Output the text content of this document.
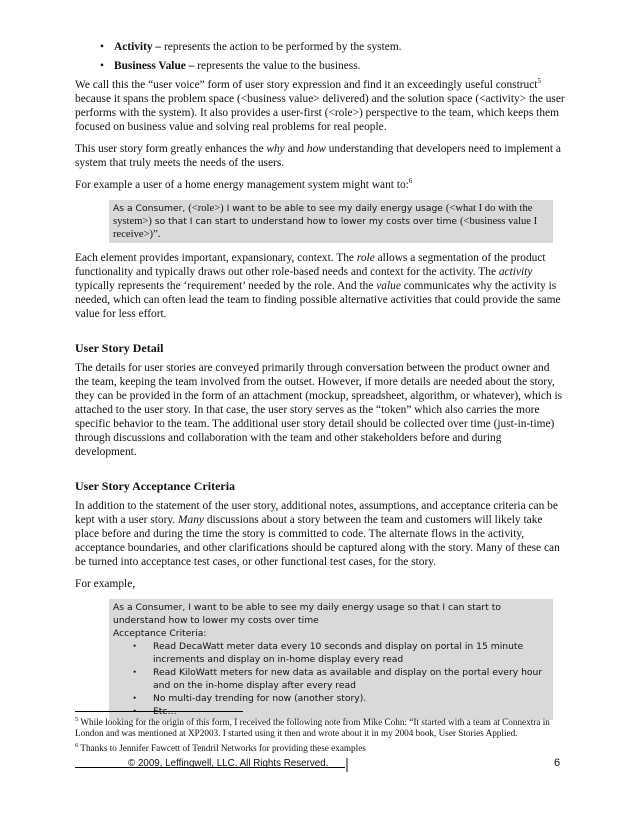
• Activity – represents the action to be performed by the system.
• Business Value – represents the value to the business.

We call this the “user voice” form of user story expression and find it an exceedingly useful construct$^5$ because it spans the problem space (<business value> delivered) and the solution space (<activity> the user performs with the system). It also provides a user-first (<role>) perspective to the team, which keeps them focused on business value and solving real problems for real people.

This user story form greatly enhances the why and how understanding that developers need to implement a system that truly meets the needs of the users.

For example a user of a home energy management system might want to:$^6$

As a Consumer, (<role>) I want to be able to see my daily energy usage (<what I do with the system>) so that I can start to understand how to lower my costs over time (<business value I receive>)”.

Each element provides important, expansionary, context. The role allows a segmentation of the product functionality and typically draws out other role-based needs and context for the activity. The activity typically represents the ‘requirement’ needed by the role. And the value communicates why the activity is needed, which can often lead the team to finding possible alternative activities that could provide the same value for less effort.

User Story Detail

The details for user stories are conveyed primarily through conversation between the product owner and the team, keeping the team involved from the outset. However, if more details are needed about the story, they can be provided in the form of an attachment (mockup, spreadsheet, algorithm, or whatever), which is attached to the user story. In that case, the user story serves as the “token” which also carries the more specific behavior to the team. The additional user story detail should be collected over time (just-in-time) through discussions and collaboration with the team and other stakeholders before and during development.

User Story Acceptance Criteria

In addition to the statement of the user story, additional notes, assumptions, and acceptance criteria can be kept with a user story. Many discussions about a story between the team and customers will likely take place before and during the time the story is committed to code. The alternate flows in the activity, acceptance boundaries, and other clarifications should be captured along with the story. Many of these can be turned into acceptance test cases, or other functional test cases, for the story.

For example,

As a Consumer, I want to be able to see my daily energy usage so that I can start to understand how to lower my costs over time
Acceptance Criteria:
• Read DecaWatt meter data every 10 seconds and display on portal in 15 minute increments and display on in-home display every read
• Read KiloWatt meters for new data as available and display on the portal every hour and on the in-home display after every read
• No multi-day trending for now (another story).
•
$^5$ While looking for the origin of this form, I received the following note from Mike Cohn: “It started with a team at Connextra in London and was mentioned at XP2003. I started using it then and wrote about it in my 2004 book, User Stories Applied.
$^6$ Thanks to Jennifer Fawcett of Tendril Networks for providing these examples
© 2009, Leffingwell, LLC. All Rights Reserved.	6
